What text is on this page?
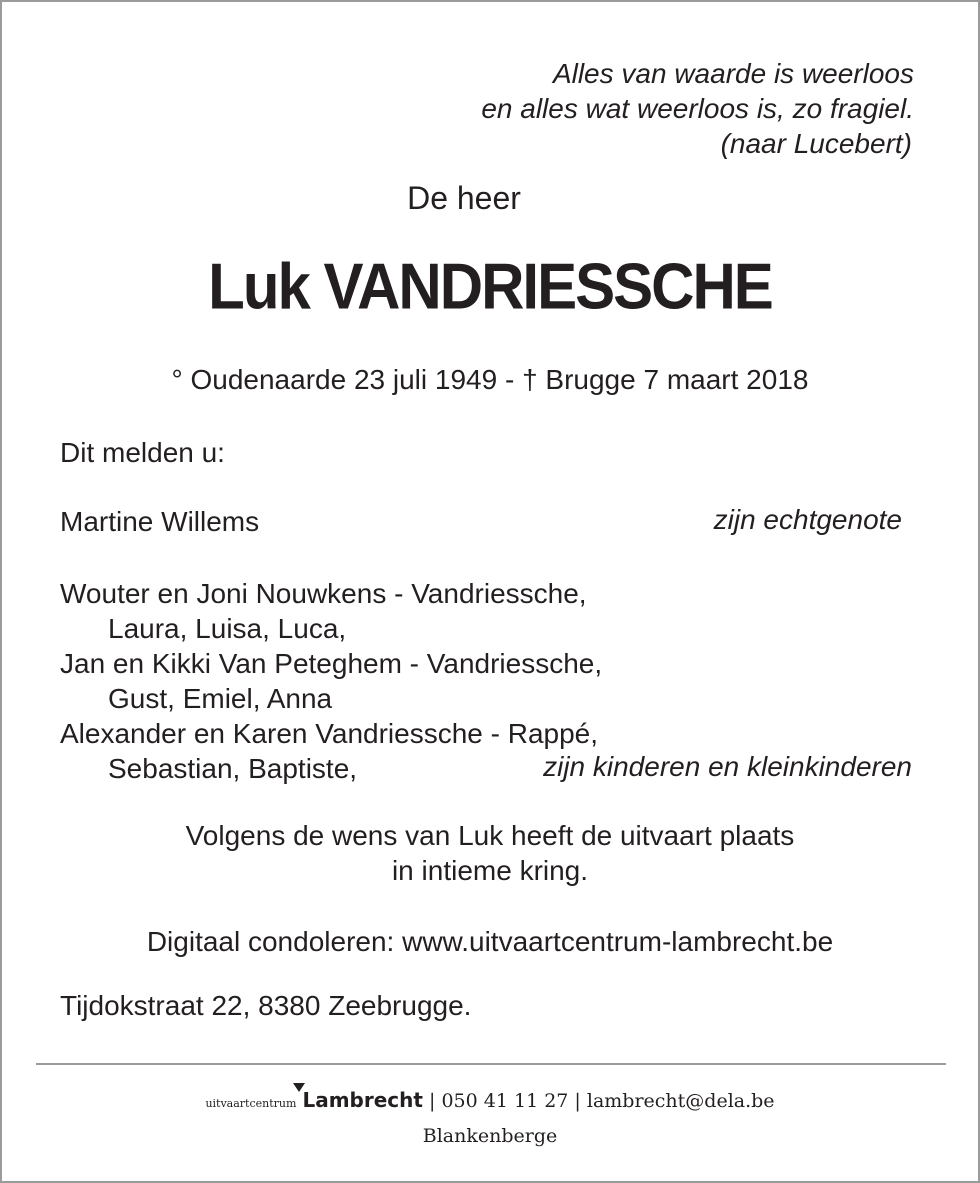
Alles van waarde is weerloos
en alles wat weerloos is, zo fragiel.
(naar Lucebert)
De heer
Luk VANDRIESSCHE
° Oudenaarde 23 juli 1949 - † Brugge 7 maart 2018
Dit melden u:
Martine Willems	zijn echtgenote
Wouter en Joni Nouwkens - Vandriessche,
Laura, Luisa, Luca,
Jan en Kikki Van Peteghem - Vandriessche,
Gust, Emiel, Anna
Alexander en Karen Vandriessche - Rappé,
Sebastian, Baptiste,	zijn kinderen en kleinkinderen
Volgens de wens van Luk heeft de uitvaart plaats
in intieme kring.
Digitaal condoleren: www.uitvaartcentrum-lambrecht.be
Tijdokstraat 22, 8380 Zeebrugge.
uitvaartcentrum Lambrecht | 050 41 11 27 | lambrecht@dela.be
Blankenberge
